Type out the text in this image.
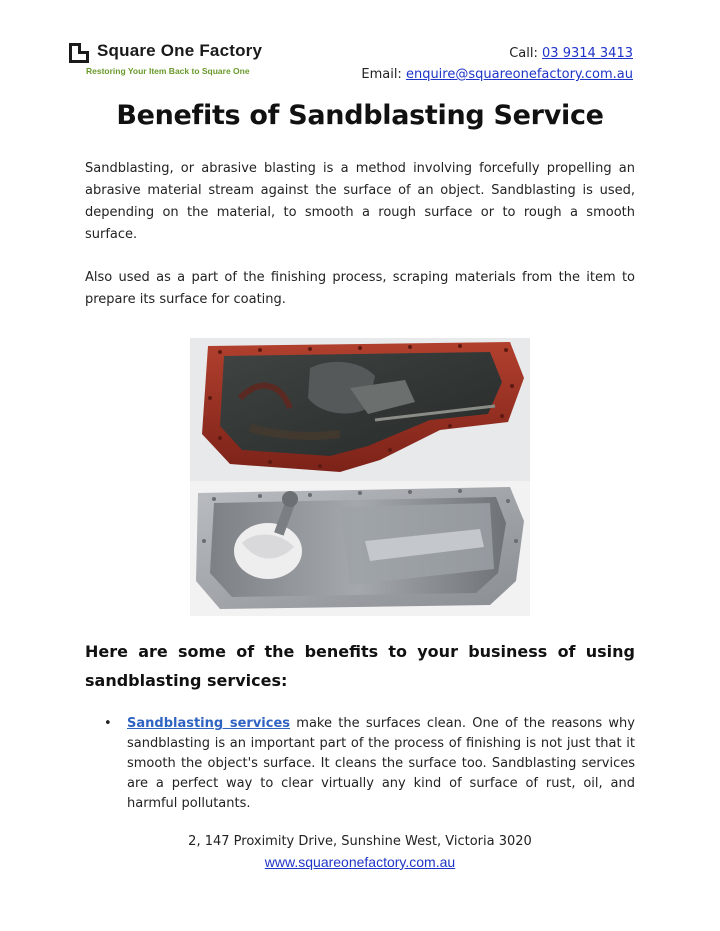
Square One Factory
Restoring Your Item Back to Square One
Call: 03 9314 3413
Email: enquire@squareonefactory.com.au
Benefits of Sandblasting Service

Sandblasting, or abrasive blasting is a method involving forcefully propelling an abrasive material stream against the surface of an object. Sandblasting is used, depending on the material, to smooth a rough surface or to rough a smooth surface.

Also used as a part of the finishing process, scraping materials from the item to prepare its surface for coating.

Here are some of the benefits to your business of using sandblasting services:
• Sandblasting services make the surfaces clean. One of the reasons why sandblasting is an important part of the process of finishing is not just that it smooth the object's surface. It cleans the surface too. Sandblasting services are a perfect way to clear virtually any kind of surface of rust, oil, and harmful pollutants.
2, 147 Proximity Drive, Sunshine West, Victoria 3020
www.squareonefactory.com.au
